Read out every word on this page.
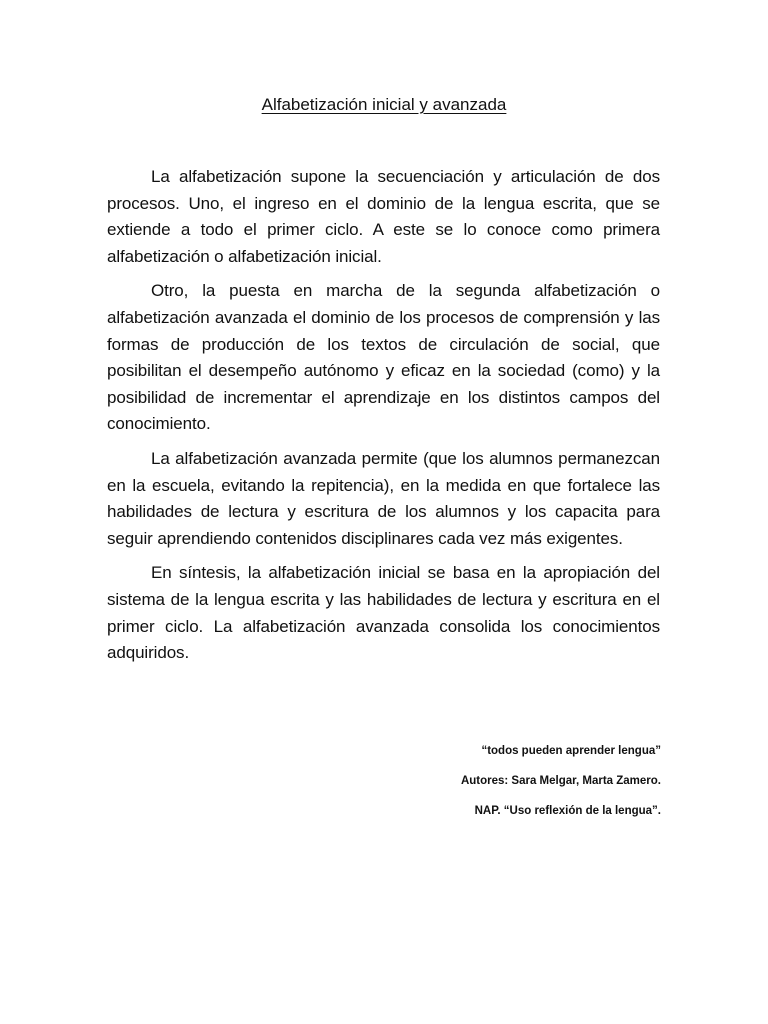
Alfabetización inicial y avanzada

La alfabetización supone la secuenciación y articulación de dos procesos. Uno, el ingreso en el dominio de la lengua escrita, que se extiende a todo el primer ciclo. A este se lo conoce como primera alfabetización o alfabetización inicial.

Otro, la puesta en marcha de la segunda alfabetización o alfabetización avanzada el dominio de los procesos de comprensión y las formas de producción de los textos de circulación de social, que posibilitan el desempeño autónomo y eficaz en la sociedad (como) y la posibilidad de incrementar el aprendizaje en los distintos campos del conocimiento.

La alfabetización avanzada permite (que los alumnos permanezcan en la escuela, evitando la repitencia), en la medida en que fortalece las habilidades de lectura y escritura de los alumnos y los capacita para seguir aprendiendo contenidos disciplinares cada vez más exigentes.

En síntesis, la alfabetización inicial se basa en la apropiación del sistema de la lengua escrita y las habilidades de lectura y escritura en el primer ciclo. La alfabetización avanzada consolida los conocimientos adquiridos.

“todos pueden aprender lengua”
Autores: Sara Melgar, Marta Zamero.
NAP. “Uso reflexión de la lengua”.
